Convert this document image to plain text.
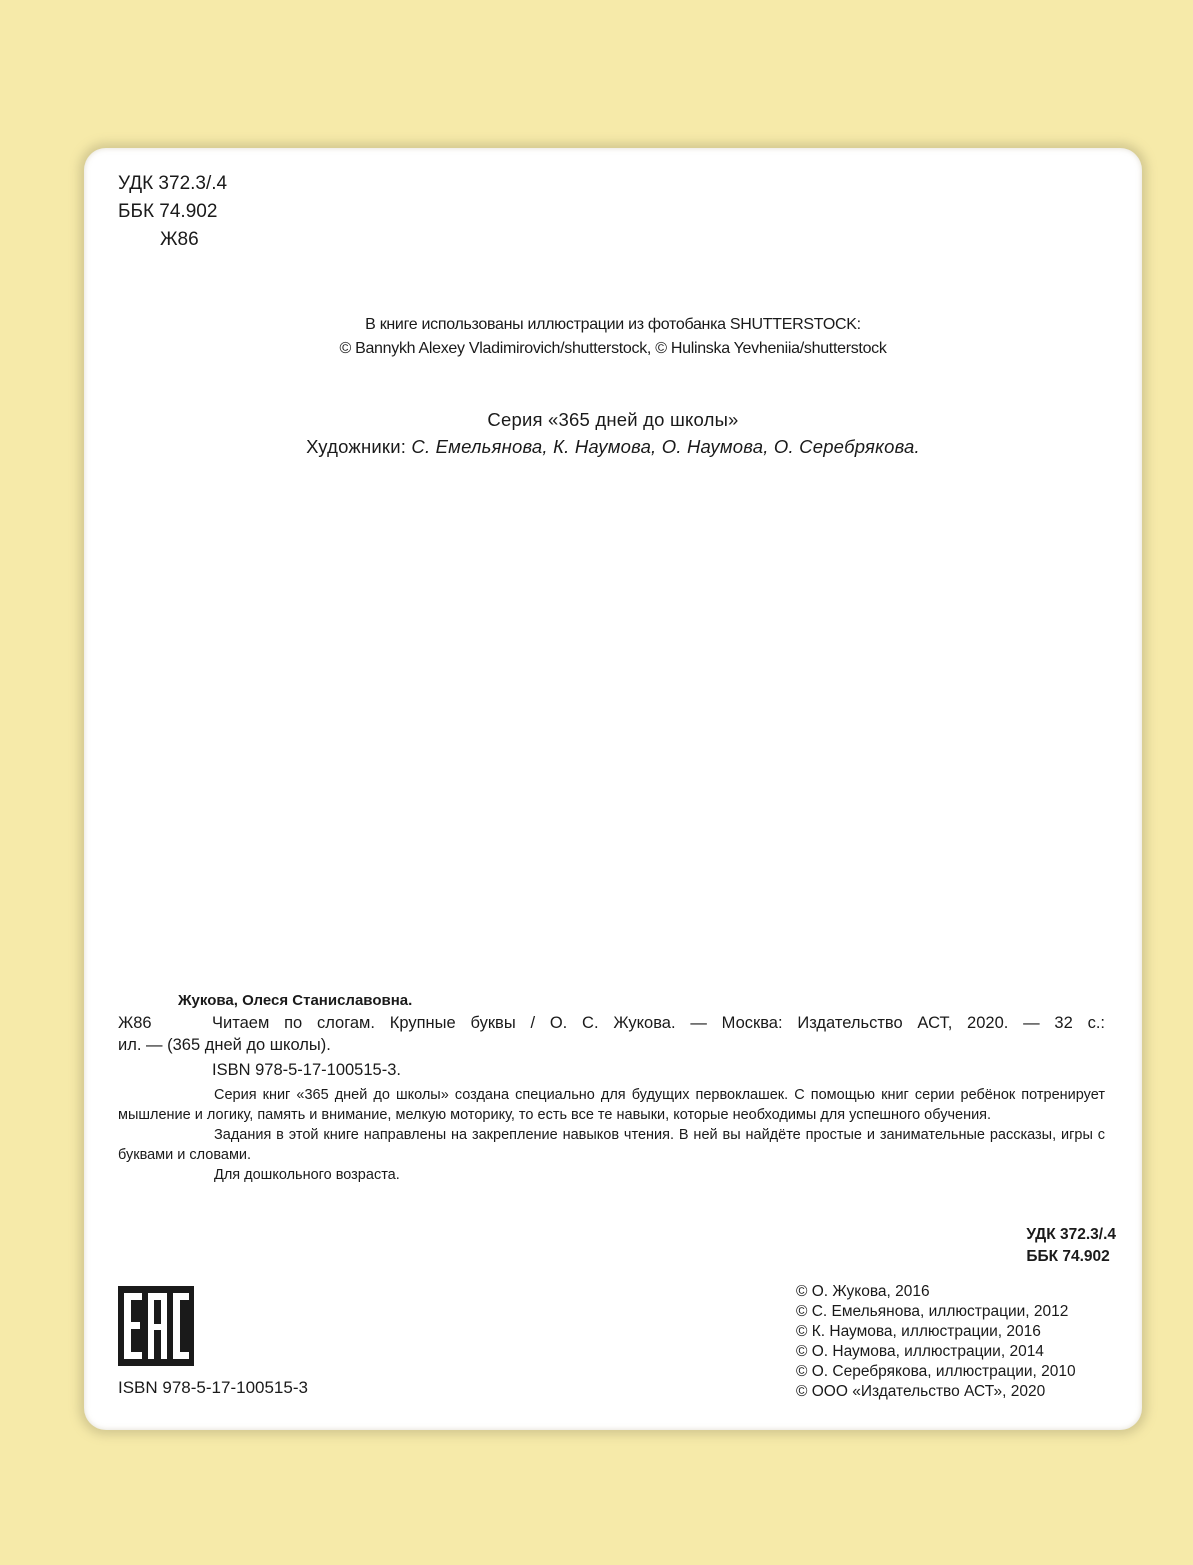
УДК 372.3/.4
ББК 74.902
Ж86
В книге использованы иллюстрации из фотобанка SHUTTERSTOCK:
© Bannykh Alexey Vladimirovich/shutterstock, © Hulinska Yevheniia/shutterstock
Серия «365 дней до школы»
Художники: С. Емельянова, К. Наумова, О. Наумова, О. Серебрякова.
Жукова, Олеся Станиславовна.
Ж86	Читаем по слогам. Крупные буквы / О. С. Жукова. — Москва: Издательство АСТ, 2020. — 32 с.:
ил. — (365 дней до школы).
ISBN 978-5-17-100515-3.
Серия книг «365 дней до школы» создана специально для будущих первоклашек. С помощью книг серии ребёнок потренирует мышление и логику, память и внимание, мелкую моторику, то есть все те навыки, которые необходимы для успешного обучения.
Задания в этой книге направлены на закрепление навыков чтения. В ней вы найдёте простые и занимательные рассказы, игры с буквами и словами.
Для дошкольного возраста.
УДК 372.3/.4
ББК 74.902
ISBN 978-5-17-100515-3
© О. Жукова, 2016
© С. Емельянова, иллюстрации, 2012
© К. Наумова, иллюстрации, 2016
© О. Наумова, иллюстрации, 2014
© О. Серебрякова, иллюстрации, 2010
© ООО «Издательство АСТ», 2020
